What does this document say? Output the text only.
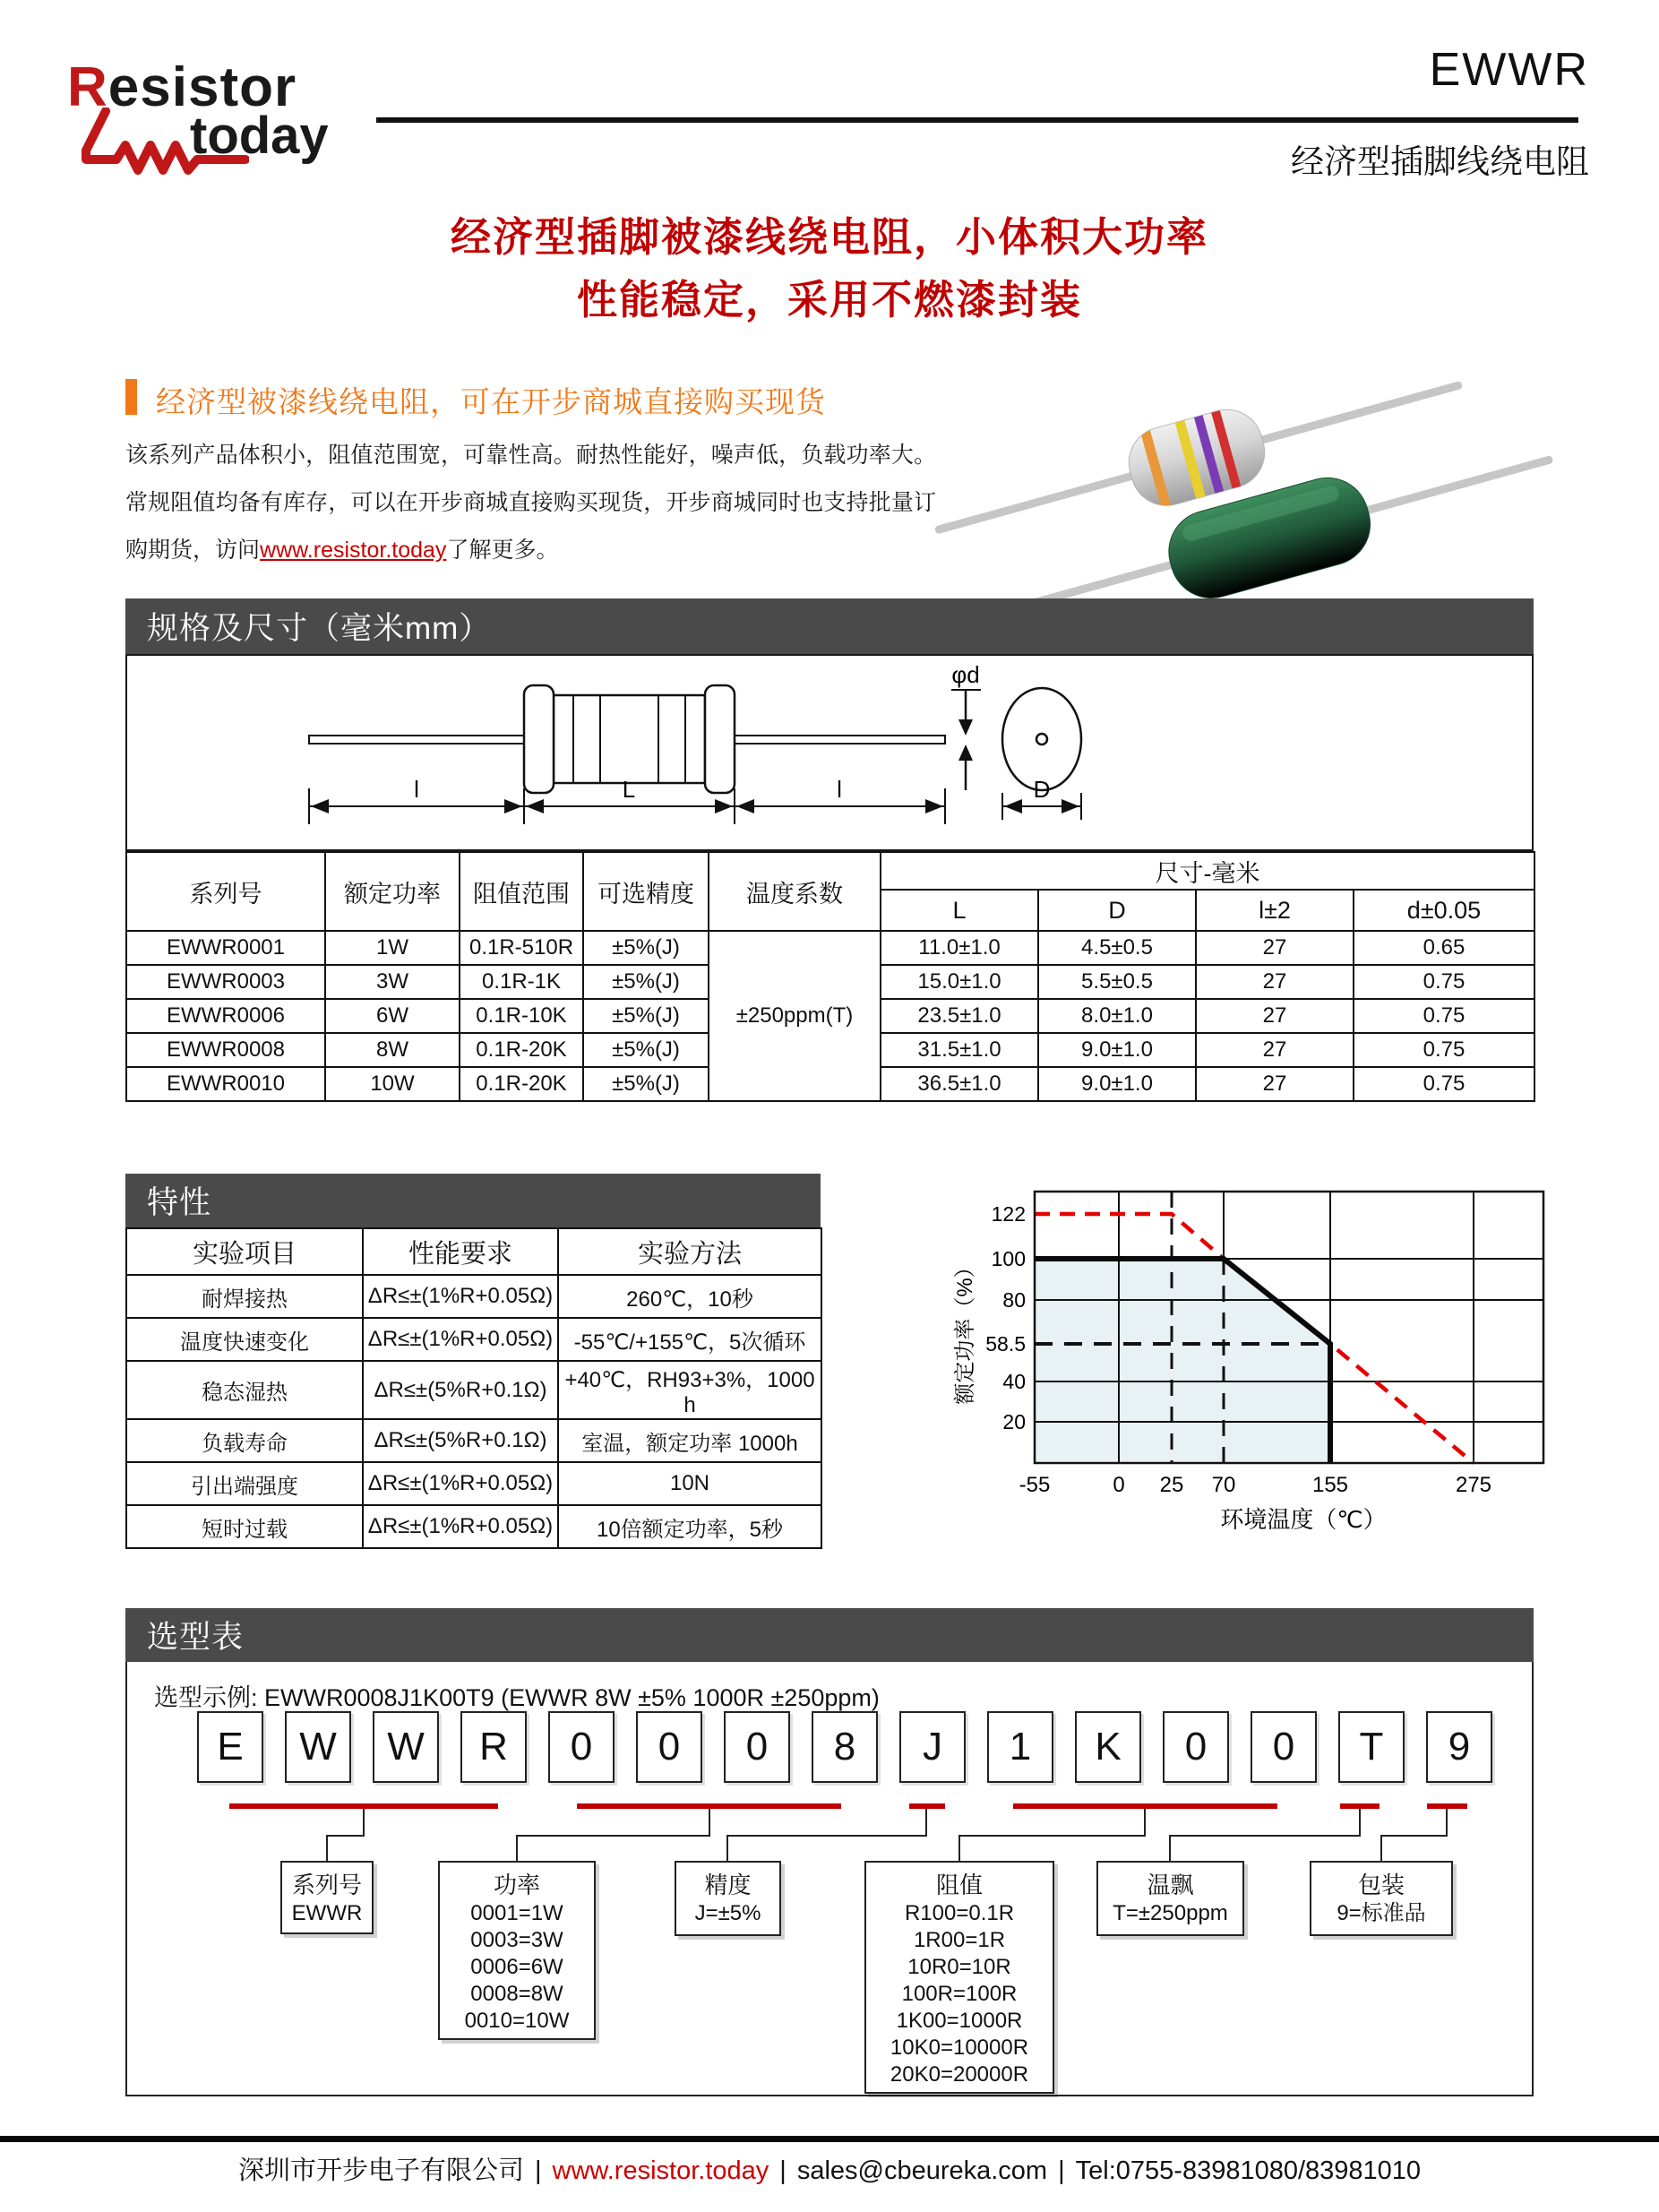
Resistor
today
EWWR
经济型插脚线绕电阻
经济型插脚被漆线绕电阻，小体积大功率
性能稳定，采用不燃漆封装
经济型被漆线绕电阻，可在开步商城直接购买现货
该系列产品体积小，阻值范围宽，可靠性高。耐热性能好，噪声低，负载功率大。常规阻值均备有库存，可以在开步商城直接购买现货，开步商城同时也支持批量订购期货，访问www.resistor.today了解更多。
规格及尺寸（毫米mm）
φd
l	L	l	D
系列号	额定功率	阻值范围	可选精度	温度系数	尺寸-毫米			
					L	D	l±2	d±0.05
EWWR0001	1W	0.1R-510R	±5%(J)	±250ppm(T)	11.0±1.0	4.5±0.5	27	0.65
EWWR0003	3W	0.1R-1K	±5%(J)		15.0±1.0	5.5±0.5	27	0.75
EWWR0006	6W	0.1R-10K	±5%(J)		23.5±1.0	8.0±1.0	27	0.75
EWWR0008	8W	0.1R-20K	±5%(J)		31.5±1.0	9.0±1.0	27	0.75
EWWR0010	10W	0.1R-20K	±5%(J)		36.5±1.0	9.0±1.0	27	0.75
特性
实验项目	性能要求	实验方法
耐焊接热	ΔR≤±(1%R+0.05Ω)	260℃，10秒
温度快速变化	ΔR≤±(1%R+0.05Ω)	-55℃/+155℃，5次循环
稳态湿热	ΔR≤±(5%R+0.1Ω)	+40℃，RH93+3%，1000 h
负载寿命	ΔR≤±(5%R+0.1Ω)	室温，额定功率 1000h
引出端强度	ΔR≤±(1%R+0.05Ω)	10N
短时过载	ΔR≤±(1%R+0.05Ω)	10倍额定功率，5秒
122
100
80
58.5
40
20
-55	0 25 70	155	275
额定功率（%）
环境温度（℃）
选型表
选型示例: EWWR0008J1K00T9 (EWWR 8W ±5% 1000R ±250ppm)
E	W	W	R	0	0	0	8	J	1	K	0	0	T	9
系列号
EWWR
功率
0001=1W
0003=3W
0006=6W
0008=8W
0010=10W
精度
J=±5%
阻值
R100=0.1R
1R00=1R
10R0=10R
100R=100R
1K00=1000R
10K0=10000R
20K0=20000R
温飘
T=±250ppm
包装
9=标准品
深圳市开步电子有限公司 | www.resistor.today | sales@cbeureka.com | Tel:0755-83981080/83981010
